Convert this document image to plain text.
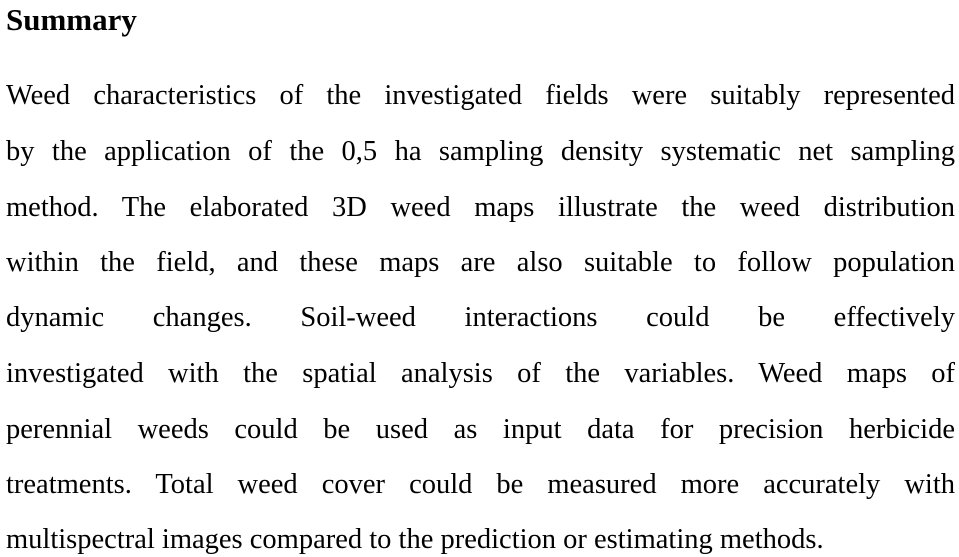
Summary
Weed characteristics of the investigated fields were suitably represented
by the application of the 0,5 ha sampling density systematic net sampling
method. The elaborated 3D weed maps illustrate the weed distribution
within the field, and these maps are also suitable to follow population
dynamic changes. Soil-weed interactions could be effectively
investigated with the spatial analysis of the variables. Weed maps of
perennial weeds could be used as input data for precision herbicide
treatments. Total weed cover could be measured more accurately with
multispectral images compared to the prediction or estimating methods.
